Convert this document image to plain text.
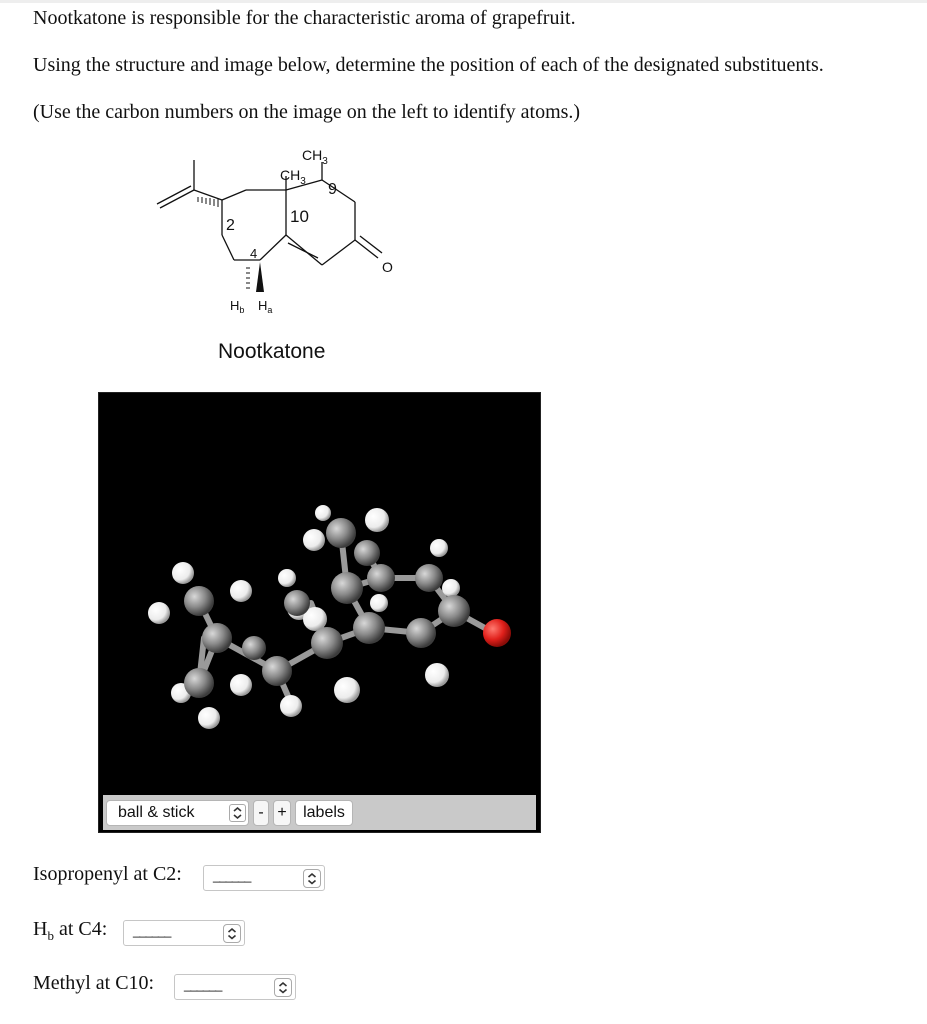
Nootkatone is responsible for the characteristic aroma of grapefruit.
Using the structure and image below, determine the position of each of the designated substituents.
(Use the carbon numbers on the image on the left to identify atoms.)
$CH_3$
$CH_3$ 9
10
2
4
O
$H_b$ $H_a$
Nootkatone
ball & stick	- +	labels
Isopropenyl at C2: ______
$H_b$ at C4: ______
Methyl at C10: ______
